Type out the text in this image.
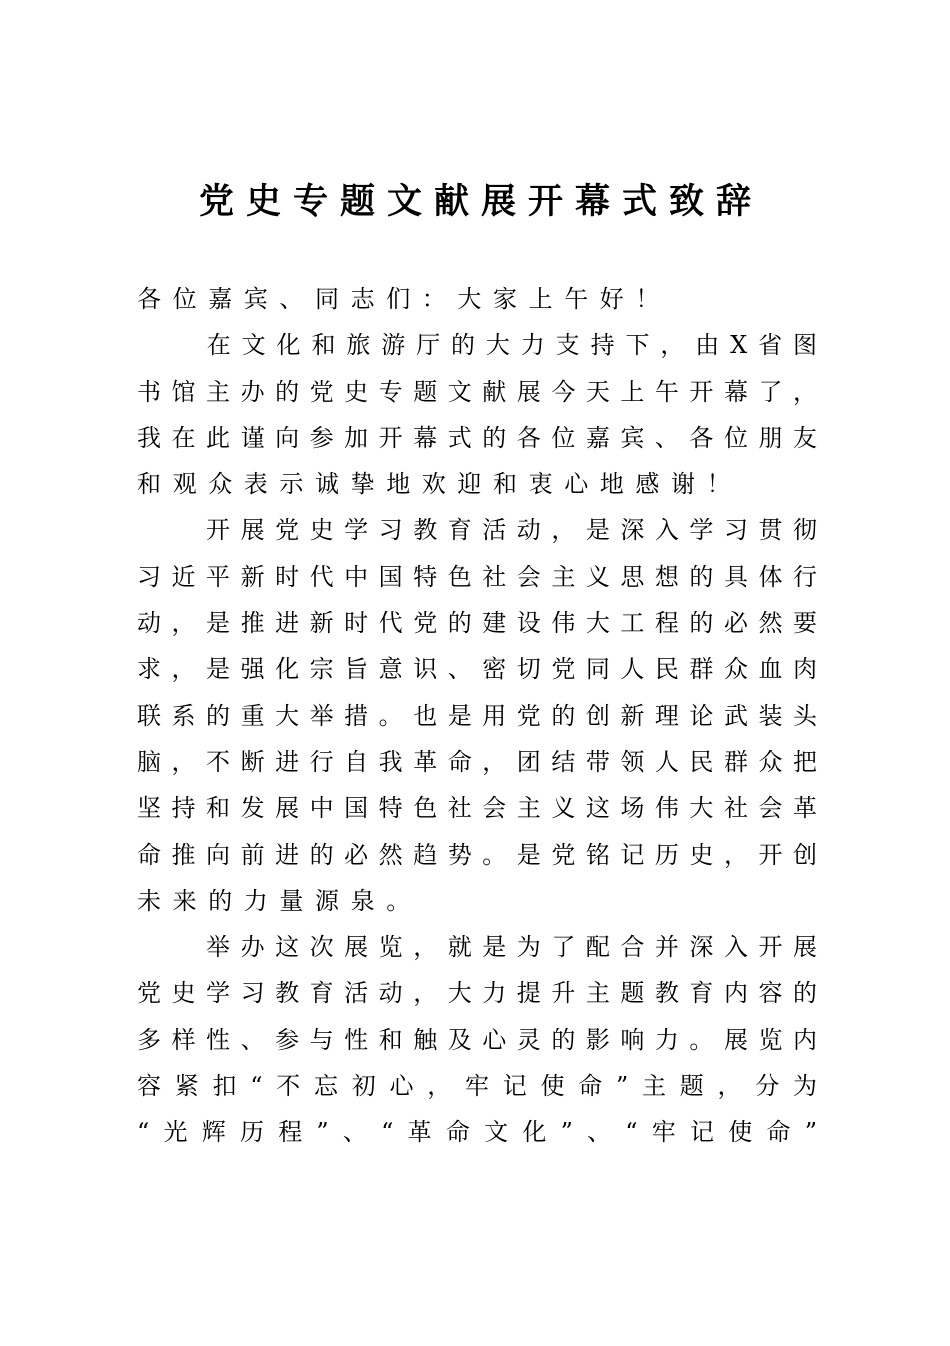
党史专题文献展开幕式致辞
各位嘉宾、同志们：大家上午好！
　​　​在​文​化​和​旅​游​厅​的​大​力​支​持​下​，​由​X​省​图
书​馆​主​办​的​党​史​专​题​文​献​展​今​天​上​午​开​幕​了​，
我​在​此​谨​向​参​加​开​幕​式​的​各​位​嘉​宾​、​各​位​朋​友
和观众表示诚挚地欢迎和衷心地感谢！
　​　​开​展​党​史​学​习​教​育​活​动​，​是​深​入​学​习​贯​彻
习​近​平​新​时​代​中​国​特​色​社​会​主​义​思​想​的​具​体​行
动​，​是​推​进​新​时​代​党​的​建​设​伟​大​工​程​的​必​然​要
求​，​是​强​化​宗​旨​意​识​、​密​切​党​同​人​民​群​众​血​肉
联​系​的​重​大​举​措​。​也​是​用​党​的​创​新​理​论​武​装​头
脑​，​不​断​进​行​自​我​革​命​，​团​结​带​领​人​民​群​众​把
坚​持​和​发​展​中​国​特​色​社​会​主​义​这​场​伟​大​社​会​革
命​推​向​前​进​的​必​然​趋​势​。​是​党​铭​记​历​史​，​开​创
未来的力量源泉。
　​　​举​办​这​次​展​览​，​就​是​为​了​配​合​并​深​入​开​展
党​史​学​习​教​育​活​动​，​大​力​提​升​主​题​教​育​内​容​的
多​样​性​、​参​与​性​和​触​及​心​灵​的​影​响​力​。​展​览​内
容​紧​扣​“​不​忘​初​心​，​牢​记​使​命​”​主​题​，​分​为
“​光​辉​历​程​”​、​“​革​命​文​化​”​、​“​牢​记​使​命​”
